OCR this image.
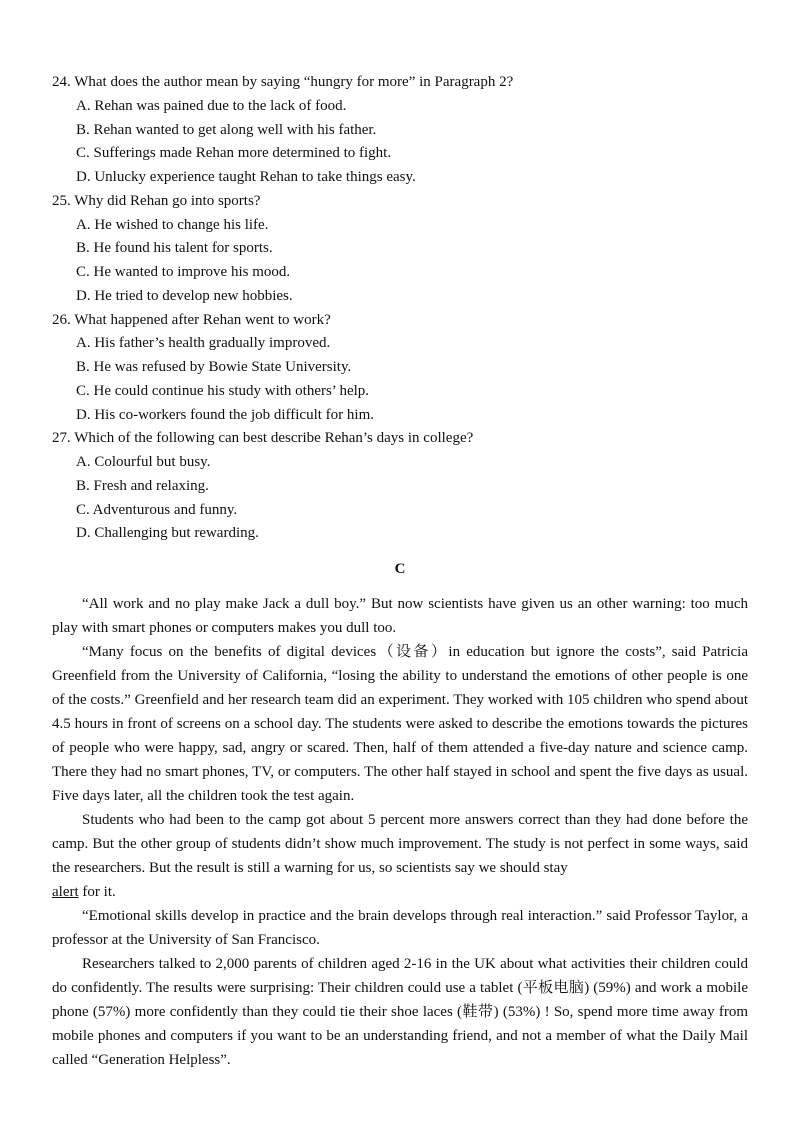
24. What does the author mean by saying “hungry for more” in Paragraph 2?
A. Rehan was pained due to the lack of food.
B. Rehan wanted to get along well with his father.
C. Sufferings made Rehan more determined to fight.
D. Unlucky experience taught Rehan to take things easy.
25. Why did Rehan go into sports?
A. He wished to change his life.
B. He found his talent for sports.
C. He wanted to improve his mood.
D. He tried to develop new hobbies.
26. What happened after Rehan went to work?
A. His father’s health gradually improved.
B. He was refused by Bowie State University.
C. He could continue his study with others’ help.
D. His co-workers found the job difficult for him.
27. Which of the following can best describe Rehan’s days in college?
A. Colourful but busy.
B. Fresh and relaxing.
C. Adventurous and funny.
D. Challenging but rewarding.
C

“All work and no play make Jack a dull boy.” But now scientists have given us an other warning: too much play with smart phones or computers makes you dull too.

“Many focus on the benefits of digital devices（设备）in education but ignore the costs”, said Patricia Greenfield from the University of California, “losing the ability to understand the emotions of other people is one of the costs.” Greenfield and her research team did an experiment. They worked with 105 children who spend about 4.5 hours in front of screens on a school day. The students were asked to describe the emotions towards the pictures of people who were happy, sad, angry or scared. Then, half of them attended a five-day nature and science camp. There they had no smart phones, TV, or computers. The other half stayed in school and spent the five days as usual. Five days later, all the children took the test again.

Students who had been to the camp got about 5 percent more answers correct than they had done before the camp. But the other group of students didn’t show much improvement. The study is not perfect in some ways, said the researchers. But the result is still a warning for us, so scientists say we should stay
alert for it.

“Emotional skills develop in practice and the brain develops through real interaction.” said Professor Taylor, a professor at the University of San Francisco.

Researchers talked to 2,000 parents of children aged 2-16 in the UK about what activities their children could do confidently. The results were surprising: Their children could use a tablet (平板电脑) (59%) and work a mobile phone (57%) more confidently than they could tie their shoe laces (鞋带) (53%) ! So, spend more time away from mobile phones and computers if you want to be an understanding friend, and not a member of what the Daily Mail called “Generation Helpless”.
